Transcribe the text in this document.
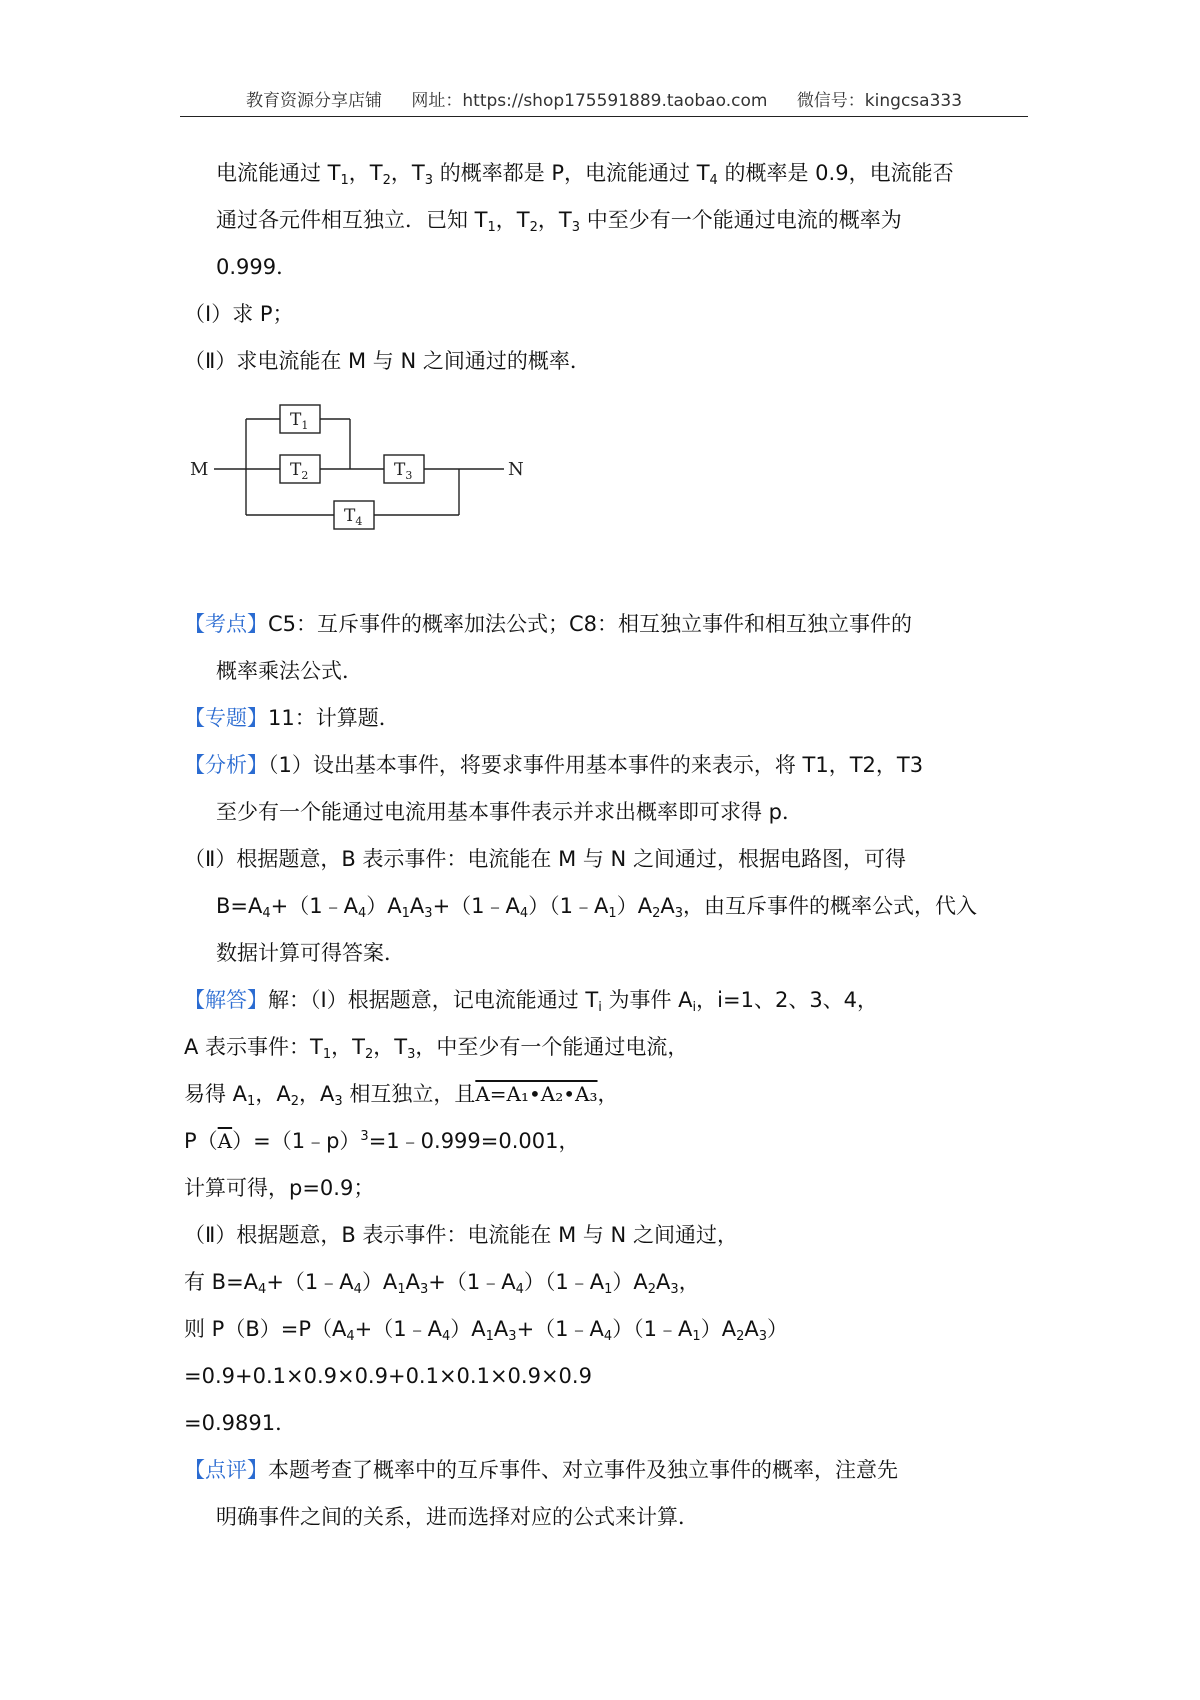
教育资源分享店铺 网址：https://shop175591889.taobao.com 微信号：kingcsa333

电流能通过 $T_1$，$T_2$，$T_3$ 的概率都是 P，电流能通过 $T_4$ 的概率是 0.9，电流能否

通过各元件相互独立．已知 $T_1$，$T_2$，$T_3$ 中至少有一个能通过电流的概率为

0.999．

（Ⅰ）求 P；

（Ⅱ）求电流能在 M 与 N 之间通过的概率．

M	N
$T_1$
$T_2$	$T_3$
$T_4$

【考点】C5：互斥事件的概率加法公式；C8：相互独立事件和相互独立事件的

概率乘法公式．

【专题】11：计算题．

【分析】（1）设出基本事件，将要求事件用基本事件的来表示，将 T1，T2，T3

至少有一个能通过电流用基本事件表示并求出概率即可求得 p．

（Ⅱ）根据题意，B 表示事件：电流能在 M 与 N 之间通过，根据电路图，可得

$B=A_4+(1﹣A_4)A_1A_3+(1﹣A_4)(1﹣A_1)A_2A_3$，由互斥事件的概率公式，代入

数据计算可得答案．

【解答】解：（Ⅰ）根据题意，记电流能通过 $T_i$ 为事件 $A_i$，i=1、2、3、4，

A 表示事件：$T_1$，$T_2$，$T_3$，中至少有一个能通过电流，

易得 $A_1$，$A_2$，$A_3$ 相互独立，且A=A₁•A₂•A₃，

$P(\overline{A})=(1﹣p)^3=1﹣0.999=0.001$，

计算可得，p=0.9；

（Ⅱ）根据题意，B 表示事件：电流能在 M 与 N 之间通过，

有 $B=A_4+(1﹣A_4)A_1A_3+(1﹣A_4)(1﹣A_1)A_2A_3$，

则 $P(B)=P(A_4+(1﹣A_4)A_1A_3+(1﹣A_4)(1﹣A_1)A_2A_3)$

=0.9+0.1×0.9×0.9+0.1×0.1×0.9×0.9

=0.9891．

【点评】本题考查了概率中的互斥事件、对立事件及独立事件的概率，注意先

明确事件之间的关系，进而选择对应的公式来计算．
